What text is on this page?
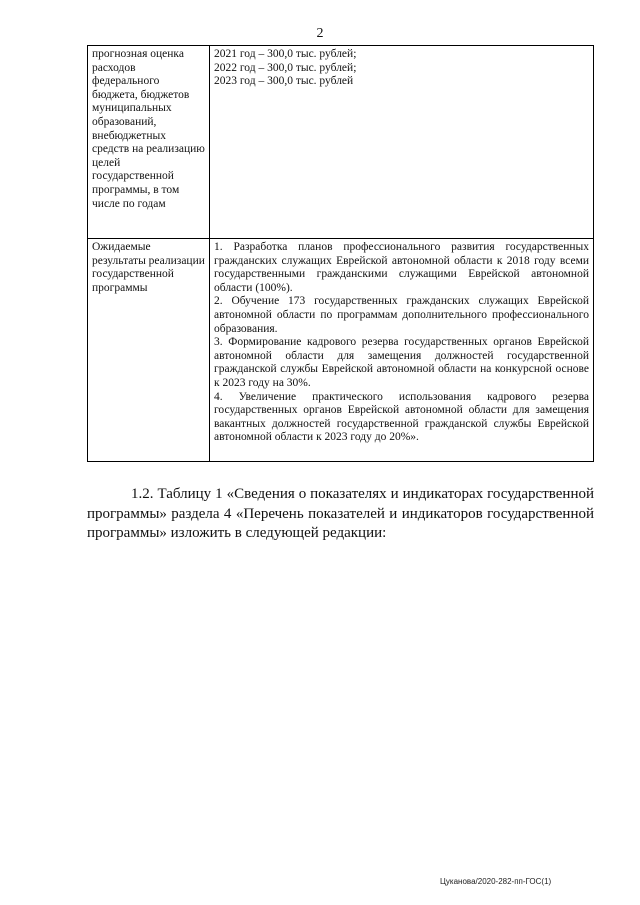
2
прогнозная оценка расходов федерального бюджета, бюджетов муниципальных образований, внебюджетных средств на реализацию целей государственной программы, в том числе по годам	2021 год – 300,0 тыс. рублей;
2022 год – 300,0 тыс. рублей;
2023 год – 300,0 тыс. рублей

Ожидаемые результаты реализации государственной программы	1. Разработка планов профессионального развития государственных гражданских служащих Еврейской автономной области к 2018 году всеми государственными гражданскими служащими Еврейской автономной области (100%).
2. Обучение 173 государственных гражданских служащих Еврейской автономной области по программам дополнительного профессионального образования.
3. Формирование кадрового резерва государственных органов Еврейской автономной области для замещения должностей государственной гражданской службы Еврейской автономной области на конкурсной основе к 2023 году на 30%.
4. Увеличение практического использования кадрового резерва государственных органов Еврейской автономной области для замещения вакантных должностей государственной гражданской службы Еврейской автономной области к 2023 году до 20%».

1.2. Таблицу 1 «Сведения о показателях и индикаторах государственной программы» раздела 4 «Перечень показателей и индикаторов государственной программы» изложить в следующей редакции:

Цуканова/2020-282-пп-ГОС(1)
